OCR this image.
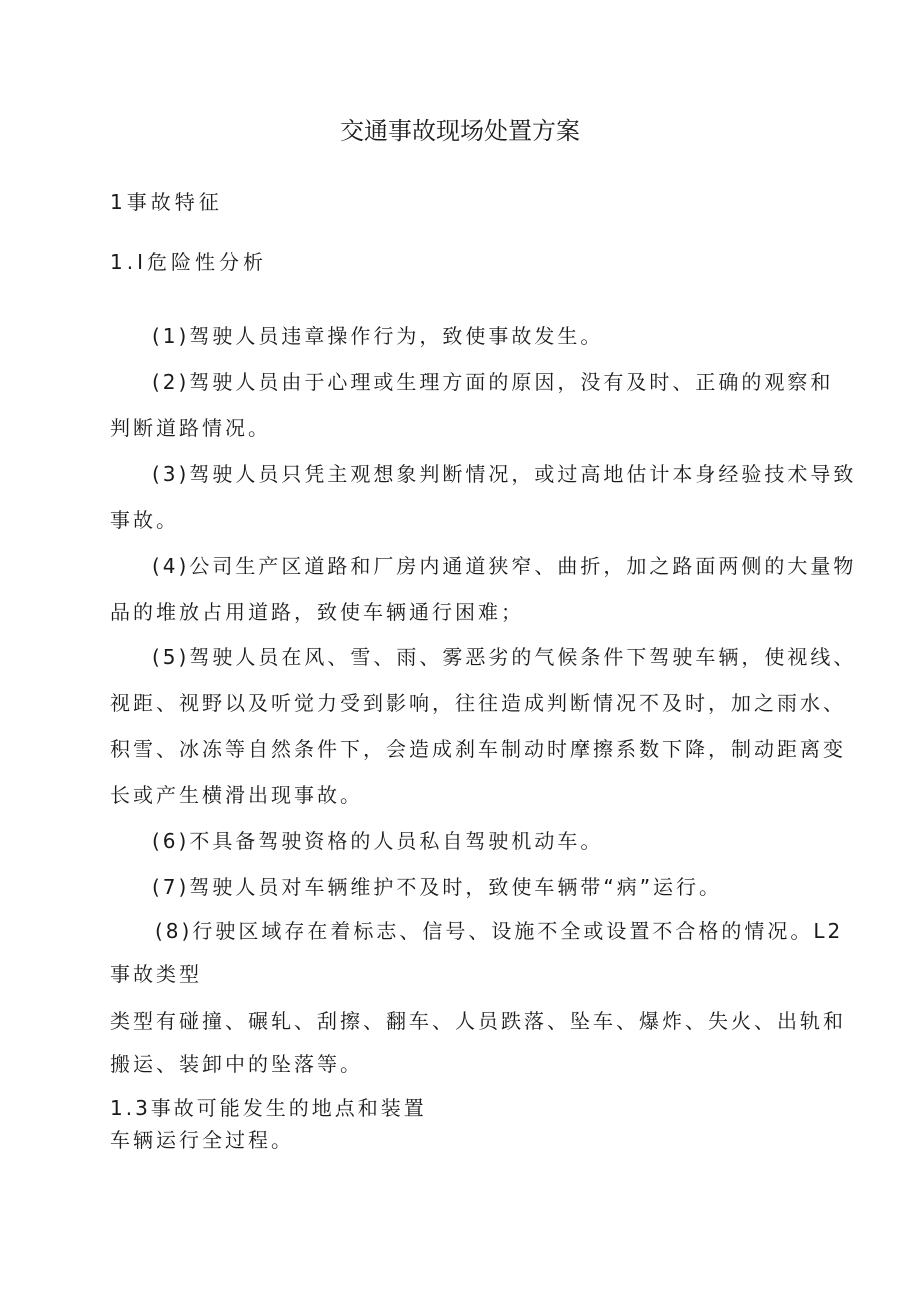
交通事故现场处置方案
1事故特征
1.I危险性分析
(1)驾驶人员违章操作行为，致使事故发生。
(2)驾驶人员由于心理或生理方面的原因，没有及时、正确的观察和
判断道路情况。
(3)驾驶人员只凭主观想象判断情况，或过高地估计本身经验技术导致
事故。
(4)公司生产区道路和厂房内通道狭窄、曲折，加之路面两侧的大量物
品的堆放占用道路，致使车辆通行困难；
(5)驾驶人员在风、雪、雨、雾恶劣的气候条件下驾驶车辆，使视线、
视距、视野以及听觉力受到影响，往往造成判断情况不及时，加之雨水、
积雪、冰冻等自然条件下，会造成刹车制动时摩擦系数下降，制动距离变
长或产生横滑出现事故。
(6)不具备驾驶资格的人员私自驾驶机动车。
(7)驾驶人员对车辆维护不及时，致使车辆带“病”运行。
(8)行驶区域存在着标志、信号、设施不全或设置不合格的情况。L2
事故类型
类型有碰撞、碾轧、刮擦、翻车、人员跌落、坠车、爆炸、失火、出轨和
搬运、装卸中的坠落等。
1.3事故可能发生的地点和装置
车辆运行全过程。
